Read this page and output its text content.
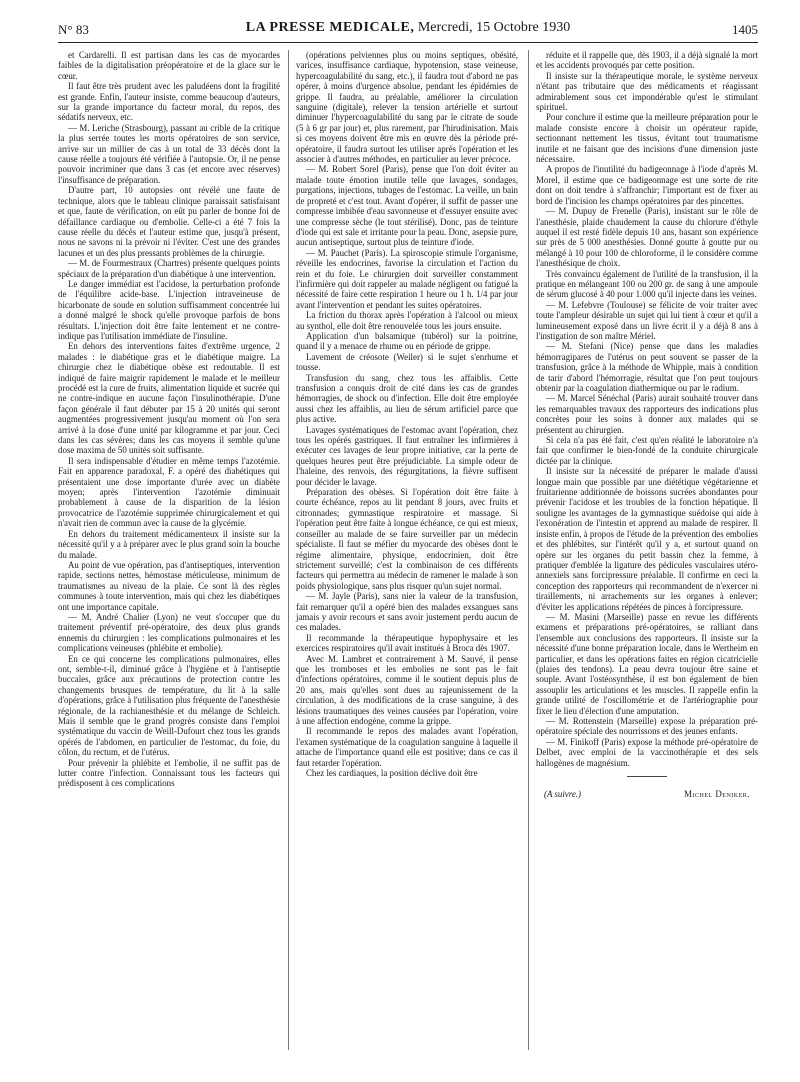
N° 83	LA PRESSE MEDICALE, Mercredi, 15 Octobre 1930	1405

et Cardarelli. Il est partisan dans les cas de myocardes faibles de la digitalisation préopératoire et de la glace sur le cœur.

Il faut être très prudent avec les paludéens dont la fragilité est grande. Enfin, l'auteur insiste, comme beaucoup d'auteurs, sur la grande importance du facteur moral, du repos, des sédatifs nerveux, etc.

— M. Leriche (Strasbourg), passant au crible de la critique la plus serrée toutes les morts opératoires de son service, arrive sur un millier de cas à un total de 33 décès dont la cause réelle a toujours été vérifiée à l'autopsie. Or, il ne pense pouvoir incriminer que dans 3 cas (et encore avec réserves) l'insuffisance de préparation.

D'autre part, 10 autopsies ont révélé une faute de technique, alors que le tableau clinique paraissait satisfaisant et que, faute de vérification, on eût pu parler de bonne foi de défaillance cardiaque ou d'embolie. Celle-ci a été 7 fois la cause réelle du décès et l'auteur estime que, jusqu'à présent, nous ne savons ni la prévoir ni l'éviter. C'est une des grandes lacunes et un des plus pressants problèmes de la chirurgie.

— M. de Fourmestraux (Chartres) présente quelques points spéciaux de la préparation d'un diabétique à une intervention.

Le danger immédiat est l'acidose, la perturbation profonde de l'équilibre acide-base. L'injection intraveineuse de bicarbonate de soude en solution suffisamment concentrée lui a donné malgré le shock qu'elle provoque parfois de bons résultats. L'injection doit être faite lentement et ne contre-indique pas l'utilisation immédiate de l'insuline.

En dehors des interventions faites d'extrême urgence, 2 malades : le diabétique gras et le diabétique maigre. La chirurgie chez le diabétique obèse est redoutable. Il est indiqué de faire maigrir rapidement le malade et le meilleur procédé est la cure de fruits, alimentation liquide et sucrée qui ne contre-indique en aucune façon l'insulinothérapie. D'une façon générale il faut débuter par 15 à 20 unités qui seront augmentées progressivement jusqu'au moment où l'on sera arrivé à la dose d'une unité par kilogramme et par jour. Ceci dans les cas sévères; dans les cas moyens il semble qu'une dose maxima de 50 unités soit suffisante.

Il sera indispensable d'étudier en même temps l'azotémie. Fait en apparence paradoxal, F. a opéré des diabétiques qui présentaient une dose importante d'urée avec un diabète moyen; après l'intervention l'azotémie diminuait probablement à cause de la disparition de la lésion provocatrice de l'azotémie supprimée chirurgicalement et qui n'avait rien de commun avec la cause de la glycémie.

En dehors du traitement médicamenteux il insiste sur la nécessité qu'il y a à préparer avec le plus grand soin la bouche du malade.

Au point de vue opération, pas d'antiseptiques, intervention rapide, sections nettes, hémostase méticuleuse, minimum de traumatismes au niveau de la plaie. Ce sont là des règles communes à toute intervention, mais qui chez les diabétiques ont une importance capitale.

— M. André Chalier (Lyon) ne veut s'occuper que du traitement préventif pré-opératoire, des deux plus grands ennemis du chirurgien : les complications pulmonaires et les complications veineuses (phlébite et embolie).

En ce qui concerne les complications pulmonaires, elles ont, semble-t-il, diminué grâce à l'hygiène et à l'antiseptie buccales, grâce aux précautions de protection contre les changements brusques de température, du lit à la salle d'opérations, grâce à l'utilisation plus fréquente de l'anesthésie régionale, de la rachianesthésie et du mélange de Schleich. Mais il semble que le grand progrès consiste dans l'emploi systématique du vaccin de Weill-Dufourt chez tous les grands opérés de l'abdomen, en particulier de l'estomac, du foie, du côlon, du rectum, et de l'utérus.

Pour prévenir la phlébite et l'embolie, il ne suffit pas de lutter contre l'infection. Connaissant tous les facteurs qui prédisposent à ces complications

(opérations pelviennes plus ou moins septiques, obésité, varices, insuffisance cardiaque, hypotension, stase veineuse, hypercoagulabilité du sang, etc.), il faudra tout d'abord ne pas opérer, à moins d'urgence absolue, pendant les épidémies de grippe. Il faudra, au préalable, améliorer la circulation sanguine (digitale), relever la tension artérielle et surtout diminuer l'hypercoagulabilité du sang par le citrate de soude (5 à 6 gr par jour) et, plus rarement, par l'hirudinisation. Mais si ces moyens doivent être mis en œuvre dès la période pré-opératoire, il faudra surtout les utiliser après l'opération et les associer à d'autres méthodes, en particulier au lever précoce.

— M. Robert Sorel (Paris), pense que l'on doit éviter au malade toute émotion inutile telle que lavages, sondages, purgations, injections, tubages de l'estomac. La veille, un bain de propreté et c'est tout. Avant d'opérer, il suffit de passer une compresse imbibée d'eau savonneuse et d'essuyer ensuite avec une compresse sèche (le tout stérilisé). Donc, pas de teinture d'iode qui est sale et irritante pour la peau. Donc, asepsie pure, aucun antiseptique, surtout plus de teinture d'iode.

— M. Pauchet (Paris). La spiroscopie stimule l'organisme, réveille les endocrines, favorise la circulation et l'action du rein et du foie. Le chirurgien doit surveiller constamment l'infirmière qui doit rappeler au malade négligent ou fatigué la nécessité de faire cette respiration 1 heure ou 1 h. 1/4 par jour avant l'intervention et pendant les suites opératoires.

La friction du thorax après l'opération à l'alcool ou mieux au synthol, elle doit être renouvelée tous les jours ensuite.

Application d'un balsamique (tubérol) sur la poitrine, quand il y a menace de rhume ou en période de grippe.

Lavement de créosote (Weiler) si le sujet s'enrhume et tousse.

Transfusion du sang, chez tous les affaiblis. Cette transfusion a conquis droit de cité dans les cas de grandes hémorragies, de shock ou d'infection. Elle doit être employée aussi chez les affaiblis, au lieu de sérum artificiel parce que plus active.

Lavages systématiques de l'estomac avant l'opération, chez tous les opérés gastriques. Il faut entraîner les infirmières à exécuter ces lavages de leur propre initiative, car la perte de quelques heures peut être préjudiciable. La simple odeur de l'haleine, des renvois, des régurgitations, la fièvre suffisent pour décider le lavage.

Préparation des obèses. Si l'opération doit être faite à courte échéance, repos au lit pendant 8 jours, avec fruits et citronnades; gymnastique respiratoire et massage. Si l'opération peut être faite à longue échéance, ce qui est mieux, conseiller au malade de se faire surveiller par un médecin spécialiste. Il faut se méfier du myocarde des obèses dont le régime alimentaire, physique, endocrinien, doit être strictement surveillé; c'est la combinaison de ces différents facteurs qui permettra au médecin de ramener le malade à son poids physiologique, sans plus risquer qu'un sujet normal.

— M. Jayle (Paris), sans nier la valeur de la transfusion, fait remarquer qu'il a opéré bien des malades exsangues sans jamais y avoir recours et sans avoir justement perdu aucun de ces malades.

Il recommande la thérapeutique hypophysaire et les exercices respiratoires qu'il avait institués à Broca dès 1907.

Avec M. Lambret et contrairement à M. Sauvé, il pense que les tromboses et les embolies ne sont pas le fait d'infections opératoires, comme il le soutient depuis plus de 20 ans, mais qu'elles sont dues au rajeunissement de la circulation, à des modifications de la crase sanguine, à des lésions traumatiques des veines causées par l'opération, voire à une affection endogène, comme la grippe.

Il recommande le repos des malades avant l'opération, l'examen systématique de la coagulation sanguine à laquelle il attache de l'importance quand elle est positive; dans ce cas il faut retarder l'opération.

Chez les cardiaques, la position déclive doit être

réduite et il rappelle que, dès 1903, il a déjà signalé la mort et les accidents provoqués par cette position.

Il insiste sur la thérapeutique morale, le système nerveux n'étant pas tributaire que des médicaments et réagissant admirablement sous cet impondérable qu'est le stimulant spirituel.

Pour conclure il estime que la meilleure préparation pour le malade consiste encore à choisir un opérateur rapide, sectionnant nettement les tissus, évitant tout traumatisme inutile et ne faisant que des incisions d'une dimension juste nécessaire.

A propos de l'inutilité du badigeonnage à l'iode d'après M. Morel, il estime que ce badigeonnage est une sorte de rite dont on doit tendre à s'affranchir; l'important est de fixer au bord de l'incision les champs opératoires par des pincettes.

— M. Dupuy de Frenelle (Paris), insistant sur le rôle de l'anesthésie, plaide chaudement la cause du chlorure d'éthyle auquel il est resté fidèle depuis 10 ans, basant son expérience sur près de 5 000 anesthésies. Donné goutte à goutte pur ou mélangé à 10 pour 100 de chloroforme, il le considère comme l'anesthésique de choix.

Très convaincu également de l'utilité de la transfusion, il la pratique en mélangeant 100 ou 200 gr. de sang à une ampoule de sérum glucosé à 40 pour 1.000 qu'il injecte dans les veines.

— M. Lefebvre (Toulouse) se félicite de voir traiter avec toute l'ampleur désirable un sujet qui lui tient à cœur et qu'il a lumineusement exposé dans un livre écrit il y a déjà 8 ans à l'instigation de son maître Mériel.

— M. Stefani (Nice) pense que dans les maladies hémorragipares de l'utérus on peut souvent se passer de la transfusion, grâce à la méthode de Whipple, mais à condition de tarir d'abord l'hémorragie, résultat que l'on peut toujours obtenir par la coagulation diathermique ou par le radium.

— M. Marcel Sénéchal (Paris) aurait souhaité trouver dans les remarquables travaux des rapporteurs des indications plus concrètes pour les soins à donner aux malades qui se présentent au chirurgien.

Si cela n'a pas été fait, c'est qu'en réalité le laboratoire n'a fait que confirmer le bien-fondé de la conduite chirurgicale dictée par la clinique.

Il insiste sur la nécessité de préparer le malade d'aussi longue main que possible par une diététique végétarienne et fruitarienne additionnée de boissons sucrées abondantes pour prévenir l'acidose et les troubles de la fonction hépatique. Il souligne les avantages de la gymnastique suédoise qui aide à l'exonération de l'intestin et apprend au malade de respirer. Il insiste enfin, à propos de l'étude de la prévention des embolies et des phlébites, sur l'intérêt qu'il y a, et surtout quand on opère sur les organes du petit bassin chez la femme, à pratiquer d'emblée la ligature des pédicules vasculaires utéro-annexiels sans forcipressure préalable. Il confirme en ceci la conception des rapporteurs qui recommandent de n'exercer ni tiraillements, ni arrachements sur les organes à enlever; d'éviter les applications répétées de pinces à forcipressure.

— M. Masini (Marseille) passe en revue les différents examens et préparations pré-opératoires, se ralliant dans l'ensemble aux conclusions des rapporteurs. Il insiste sur la nécessité d'une bonne préparation locale, dans le Wertheim en particulier, et dans les opérations faites en région cicatricielle (plaies des tendons). La peau devra toujour être saine et souple. Avant l'ostéosynthèse, il est bon également de bien assouplir les articulations et les muscles. Il rappelle enfin la grande utilité de l'oscillométrie et de l'artériographie pour fixer le lieu d'élection d'une amputation.

— M. Rottenstein (Marseille) expose la préparation pré-opératoire spéciale des nourrissons et des jeunes enfants.

— M. Finikoff (Paris) expose la méthode pré-opératoire de Delbet, avec emploi de la vaccinothérapie et des sels hallogènes de magnésium.

(A suivre.)	Michel Deniker.
